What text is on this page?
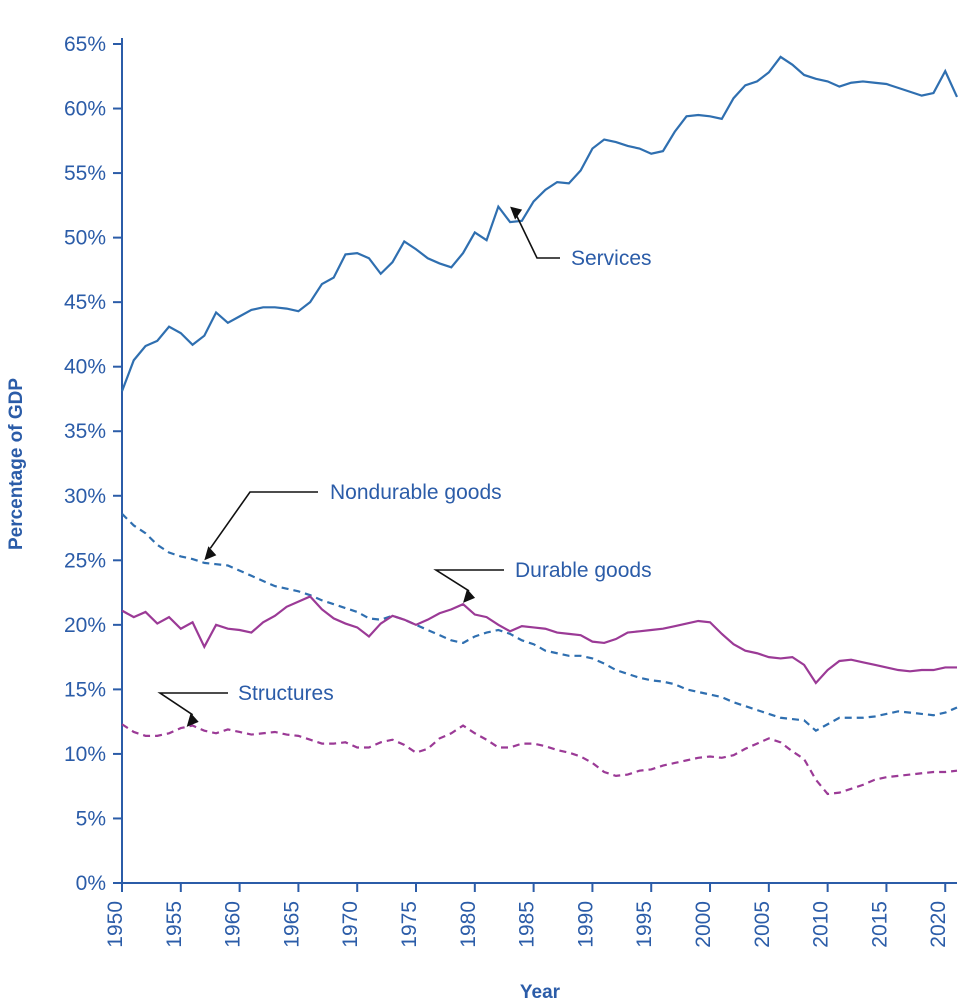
0%
5%
10%
15%
20%
25%
30%
35%
40%
45%
50%
55%
60%
65%
1950 1955 1960 1965 1970 1975 1980 1985 1990 1995 2000 2005 2010 2015 2020
Services
Nondurable goods
Durable goods
Structures
Percentage of GDP
Year
